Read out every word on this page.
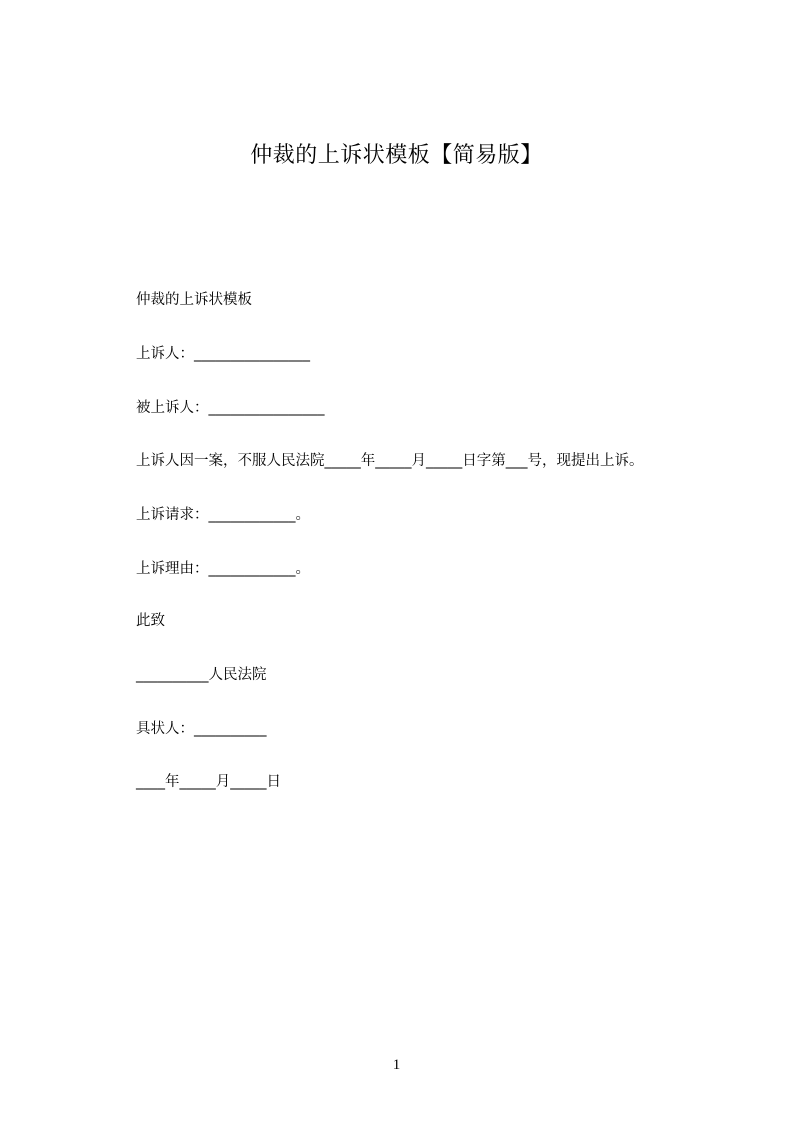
仲裁的上诉状模板【简易版】

仲裁的上诉状模板

上诉人：________________

被上诉人：________________

上诉人因一案，不服人民法院_____年_____月_____日字第___号，现提出上诉。

上诉请求：____________。

上诉理由：____________。

此致

__________人民法院

具状人：__________

____年_____月_____日

1
